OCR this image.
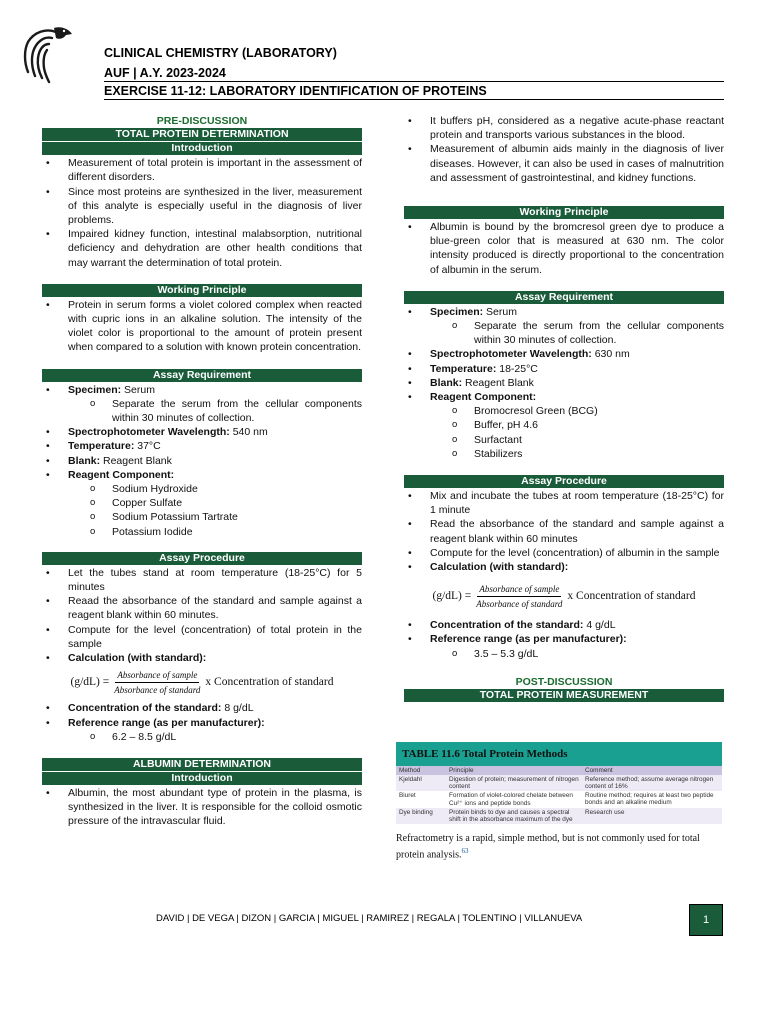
CLINICAL CHEMISTRY (LABORATORY)
AUF | A.Y. 2023-2024
EXERCISE 11-12: LABORATORY IDENTIFICATION OF PROTEINS
PRE-DISCUSSION
TOTAL PROTEIN DETERMINATION
Introduction
• Measurement of total protein is important in the assessment of different disorders.
• Since most proteins are synthesized in the liver, measurement of this analyte is especially useful in the diagnosis of liver problems.
• Impaired kidney function, intestinal malabsorption, nutritional deficiency and dehydration are other health conditions that may warrant the determination of total protein.
Working Principle
• Protein in serum forms a violet colored complex when reacted with cupric ions in an alkaline solution. The intensity of the violet color is proportional to the amount of protein present when compared to a solution with known protein concentration.
Assay Requirement
• Specimen: Serum
o Separate the serum from the cellular components within 30 minutes of collection.
• Spectrophotometer Wavelength: 540 nm
• Temperature: 37°C
• Blank: Reagent Blank
• Reagent Component:
o Sodium Hydroxide
o Copper Sulfate
o Sodium Potassium Tartrate
o Potassium Iodide
Assay Procedure
• Let the tubes stand at room temperature (18-25°C) for 5 minutes
• Reaad the absorbance of the standard and sample against a reagent blank within 60 minutes.
• Compute for the level (concentration) of total protein in the sample
• Calculation (with standard):
$(g/dL) = \frac{\text{Absorbance of sample}}{\text{Absorbance of standard}}$ x Concentration of standard
• Concentration of the standard: 8 g/dL
• Reference range (as per manufacturer):
o 6.2 – 8.5 g/dL
ALBUMIN DETERMINATION
Introduction
• Albumin, the most abundant type of protein in the plasma, is synthesized in the liver. It is responsible for the colloid osmotic pressure of the intravascular fluid.
• It buffers pH, considered as a negative acute-phase reactant protein and transports various substances in the blood.
• Measurement of albumin aids mainly in the diagnosis of liver diseases. However, it can also be used in cases of malnutrition and assessment of gastrointestinal, and kidney functions.
Working Principle
• Albumin is bound by the bromcresol green dye to produce a blue-green color that is measured at 630 nm. The color intensity produced is directly proportional to the concentration of albumin in the serum.
Assay Requirement
• Specimen: Serum
o Separate the serum from the cellular components within 30 minutes of collection.
• Spectrophotometer Wavelength: 630 nm
• Temperature: 18-25°C
• Blank: Reagent Blank
• Reagent Component:
o Bromocresol Green (BCG)
o Buffer, pH 4.6
o Surfactant
o Stabilizers
Assay Procedure
• Mix and incubate the tubes at room temperature (18-25°C) for 1 minute
• Read the absorbance of the standard and sample against a reagent blank within 60 minutes
• Compute for the level (concentration) of albumin in the sample
• Calculation (with standard):
$(g/dL) = \frac{\text{Absorbance of sample}}{\text{Absorbance of standard}}$ x Concentration of standard
• Concentration of the standard: 4 g/dL
• Reference range (as per manufacturer):
o 3.5 – 5.3 g/dL
POST-DISCUSSION
TOTAL PROTEIN MEASUREMENT
TABLE 11.6 Total Protein Methods
Method	Principle	Comment
Kjeldahl	Digestion of protein; measurement of nitrogen content	Reference method; assume average nitrogen content of 16%
Biuret	Formation of violet-colored chelate between Cu²⁺ ions and peptide bonds	Routine method; requires at least two peptide bonds and an alkaline medium
Dye binding	Protein binds to dye and causes a spectral shift in the absorbance maximum of the dye	Research use
Refractometry is a rapid, simple method, but is not commonly used for total protein analysis.$^{63}$
DAVID | DE VEGA | DIZON | GARCIA | MIGUEL | RAMIREZ | REGALA | TOLENTINO | VILLANUEVA	1
